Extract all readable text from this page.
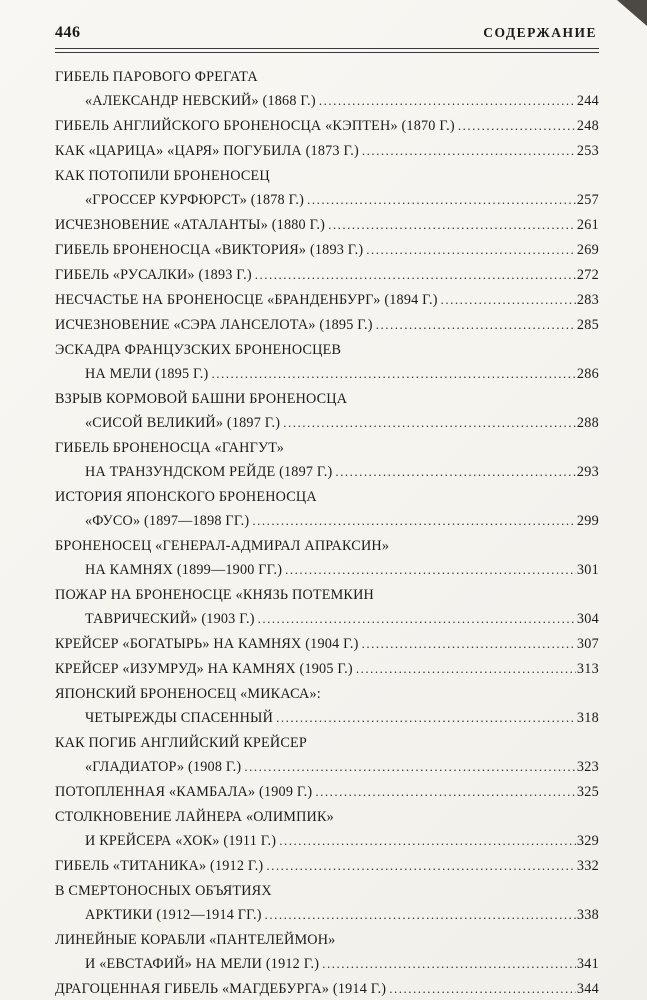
446	СОДЕРЖАНИЕ
ГИБЕЛЬ ПАРОВОГО ФРЕГАТА
«АЛЕКСАНДР НЕВСКИЙ» (1868 Г.) .....	244
ГИБЕЛЬ АНГЛИЙСКОГО БРОНЕНОСЦА «КЭПТЕН» (1870 Г.) .....	248
КАК «ЦАРИЦА» «ЦАРЯ» ПОГУБИЛА (1873 Г.) .....	253
КАК ПОТОПИЛИ БРОНЕНОСЕЦ
«ГРОССЕР КУРФЮРСТ» (1878 Г.) .....	257
ИСЧЕЗНОВЕНИЕ «АТАЛАНТЫ» (1880 Г.) .....	261
ГИБЕЛЬ БРОНЕНОСЦА «ВИКТОРИЯ» (1893 Г.) .....	269
ГИБЕЛЬ «РУСАЛКИ» (1893 Г.) .....	272
НЕСЧАСТЬЕ НА БРОНЕНОСЦЕ «БРАНДЕНБУРГ» (1894 Г.) .....	283
ИСЧЕЗНОВЕНИЕ «СЭРА ЛАНСЕЛОТА» (1895 Г.) .....	285
ЭСКАДРА ФРАНЦУЗСКИХ БРОНЕНОСЦЕВ
НА МЕЛИ (1895 Г.) .....	286
ВЗРЫВ КОРМОВОЙ БАШНИ БРОНЕНОСЦА
«СИСОЙ ВЕЛИКИЙ» (1897 Г.) .....	288
ГИБЕЛЬ БРОНЕНОСЦА «ГАНГУТ»
НА ТРАНЗУНДСКОМ РЕЙДЕ (1897 Г.) .....	293
ИСТОРИЯ ЯПОНСКОГО БРОНЕНОСЦА
«ФУСО» (1897—1898 ГГ.) .....	299
БРОНЕНОСЕЦ «ГЕНЕРАЛ-АДМИРАЛ АПРАКСИН»
НА КАМНЯХ (1899—1900 ГГ.) .....	301
ПОЖАР НА БРОНЕНОСЦЕ «КНЯЗЬ ПОТЕМКИН
ТАВРИЧЕСКИЙ» (1903 Г.) .....	304
КРЕЙСЕР «БОГАТЫРЬ» НА КАМНЯХ (1904 Г.) .....	307
КРЕЙСЕР «ИЗУМРУД» НА КАМНЯХ (1905 Г.) .....	313
ЯПОНСКИЙ БРОНЕНОСЕЦ «МИКАСА»:
ЧЕТЫРЕЖДЫ СПАСЕННЫЙ .....	318
КАК ПОГИБ АНГЛИЙСКИЙ КРЕЙСЕР
«ГЛАДИАТОР» (1908 Г.) .....	323
ПОТОПЛЕННАЯ «КАМБАЛА» (1909 Г.) .....	325
СТОЛКНОВЕНИЕ ЛАЙНЕРА «ОЛИМПИК»
И КРЕЙСЕРА «ХОК» (1911 Г.) .....	329
ГИБЕЛЬ «ТИТАНИКА» (1912 Г.) .....	332
В СМЕРТОНОСНЫХ ОБЪЯТИЯХ
АРКТИКИ (1912—1914 ГГ.) .....	338
ЛИНЕЙНЫЕ КОРАБЛИ «ПАНТЕЛЕЙМОН»
И «ЕВСТАФИЙ» НА МЕЛИ (1912 Г.) .....	341
ДРАГОЦЕННАЯ ГИБЕЛЬ «МАГДЕБУРГА» (1914 Г.) .....	344
